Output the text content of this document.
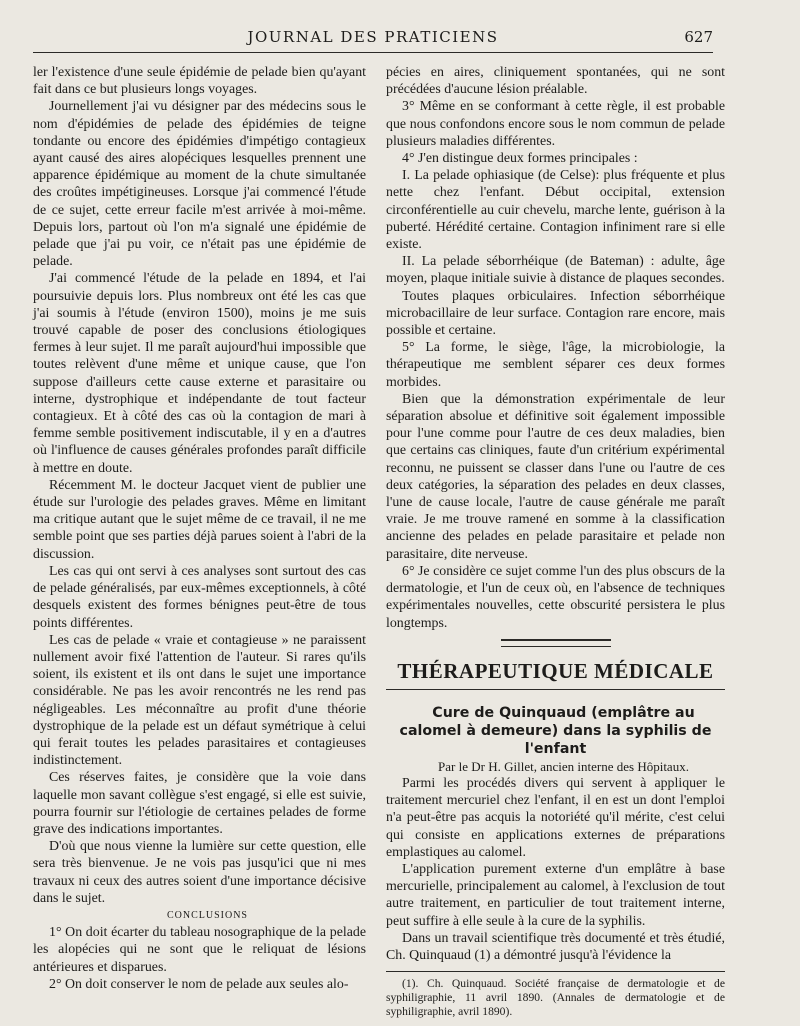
JOURNAL DES PRATICIENS	627

ler l'existence d'une seule épidémie de pelade bien qu'ayant fait dans ce but plusieurs longs voyages.

Journellement j'ai vu désigner par des médecins sous le nom d'épidémies de pelade des épidémies de teigne tondante ou encore des épidémies d'impétigo contagieux ayant causé des aires alopéciques lesquelles prennent une apparence épidémique au moment de la chute simultanée des croûtes impétigineuses. Lorsque j'ai commencé l'étude de ce sujet, cette erreur facile m'est arrivée à moi-même. Depuis lors, partout où l'on m'a signalé une épidémie de pelade que j'ai pu voir, ce n'était pas une épidémie de pelade.

J'ai commencé l'étude de la pelade en 1894, et l'ai poursuivie depuis lors. Plus nombreux ont été les cas que j'ai soumis à l'étude (environ 1500), moins je me suis trouvé capable de poser des conclusions étiologiques fermes à leur sujet. Il me paraît aujourd'hui impossible que toutes relèvent d'une même et unique cause, que l'on suppose d'ailleurs cette cause externe et parasitaire ou interne, dystrophique et indépendante de tout facteur contagieux. Et à côté des cas où la contagion de mari à femme semble positivement indiscutable, il y en a d'autres où l'influence de causes générales profondes paraît difficile à mettre en doute.

Récemment M. le docteur Jacquet vient de publier une étude sur l'urologie des pelades graves. Même en limitant ma critique autant que le sujet même de ce travail, il ne me semble point que ses parties déjà parues soient à l'abri de la discussion.

Les cas qui ont servi à ces analyses sont surtout des cas de pelade généralisés, par eux-mêmes exceptionnels, à côté desquels existent des formes bénignes peut-être de tous points différentes.

Les cas de pelade « vraie et contagieuse » ne paraissent nullement avoir fixé l'attention de l'auteur. Si rares qu'ils soient, ils existent et ils ont dans le sujet une importance considérable. Ne pas les avoir rencontrés ne les rend pas négligeables. Les méconnaître au profit d'une théorie dystrophique de la pelade est un défaut symétrique à celui qui ferait toutes les pelades parasitaires et contagieuses indistinctement.

Ces réserves faites, je considère que la voie dans laquelle mon savant collègue s'est engagé, si elle est suivie, pourra fournir sur l'étiologie de certaines pelades de forme grave des indications importantes.

D'où que nous vienne la lumière sur cette question, elle sera très bienvenue. Je ne vois pas jusqu'ici que ni mes travaux ni ceux des autres soient d'une importance décisive dans le sujet.

CONCLUSIONS

1° On doit écarter du tableau nosographique de la pelade les alopécies qui ne sont que le reliquat de lésions antérieures et disparues.

2° On doit conserver le nom de pelade aux seules alo-

pécies en aires, cliniquement spontanées, qui ne sont précédées d'aucune lésion préalable.

3° Même en se conformant à cette règle, il est probable que nous confondons encore sous le nom commun de pelade plusieurs maladies différentes.

4° J'en distingue deux formes principales :

I. La pelade ophiasique (de Celse): plus fréquente et plus nette chez l'enfant. Début occipital, extension circonférentielle au cuir chevelu, marche lente, guérison à la puberté. Hérédité certaine. Contagion infiniment rare si elle existe.

II. La pelade séborrhéique (de Bateman) : adulte, âge moyen, plaque initiale suivie à distance de plaques secondes.

Toutes plaques orbiculaires. Infection séborrhéique microbacillaire de leur surface. Contagion rare encore, mais possible et certaine.

5° La forme, le siège, l'âge, la microbiologie, la thérapeutique me semblent séparer ces deux formes morbides.

Bien que la démonstration expérimentale de leur séparation absolue et définitive soit également impossible pour l'une comme pour l'autre de ces deux maladies, bien que certains cas cliniques, faute d'un critérium expérimental reconnu, ne puissent se classer dans l'une ou l'autre de ces deux catégories, la séparation des pelades en deux classes, l'une de cause locale, l'autre de cause générale me paraît vraie. Je me trouve ramené en somme à la classification ancienne des pelades en pelade parasitaire et pelade non parasitaire, dite nerveuse.

6° Je considère ce sujet comme l'un des plus obscurs de la dermatologie, et l'un de ceux où, en l'absence de techniques expérimentales nouvelles, cette obscurité persistera le plus longtemps.

THÉRAPEUTIQUE MÉDICALE

Cure de Quinquaud (emplâtre au calomel à demeure) dans la syphilis de l'enfant

Par le Dr H. Gillet, ancien interne des Hôpitaux.

Parmi les procédés divers qui servent à appliquer le traitement mercuriel chez l'enfant, il en est un dont l'emploi n'a peut-être pas acquis la notoriété qu'il mérite, c'est celui qui consiste en applications externes de préparations emplastiques au calomel.

L'application purement externe d'un emplâtre à base mercurielle, principalement au calomel, à l'exclusion de tout autre traitement, en particulier de tout traitement interne, peut suffire à elle seule à la cure de la syphilis.

Dans un travail scientifique très documenté et très étudié, Ch. Quinquaud (1) a démontré jusqu'à l'évidence la

(1). Ch. Quinquaud. Société française de dermatologie et de syphiligraphie, 11 avril 1890. (Annales de dermatologie et de syphiligraphie, avril 1890).
